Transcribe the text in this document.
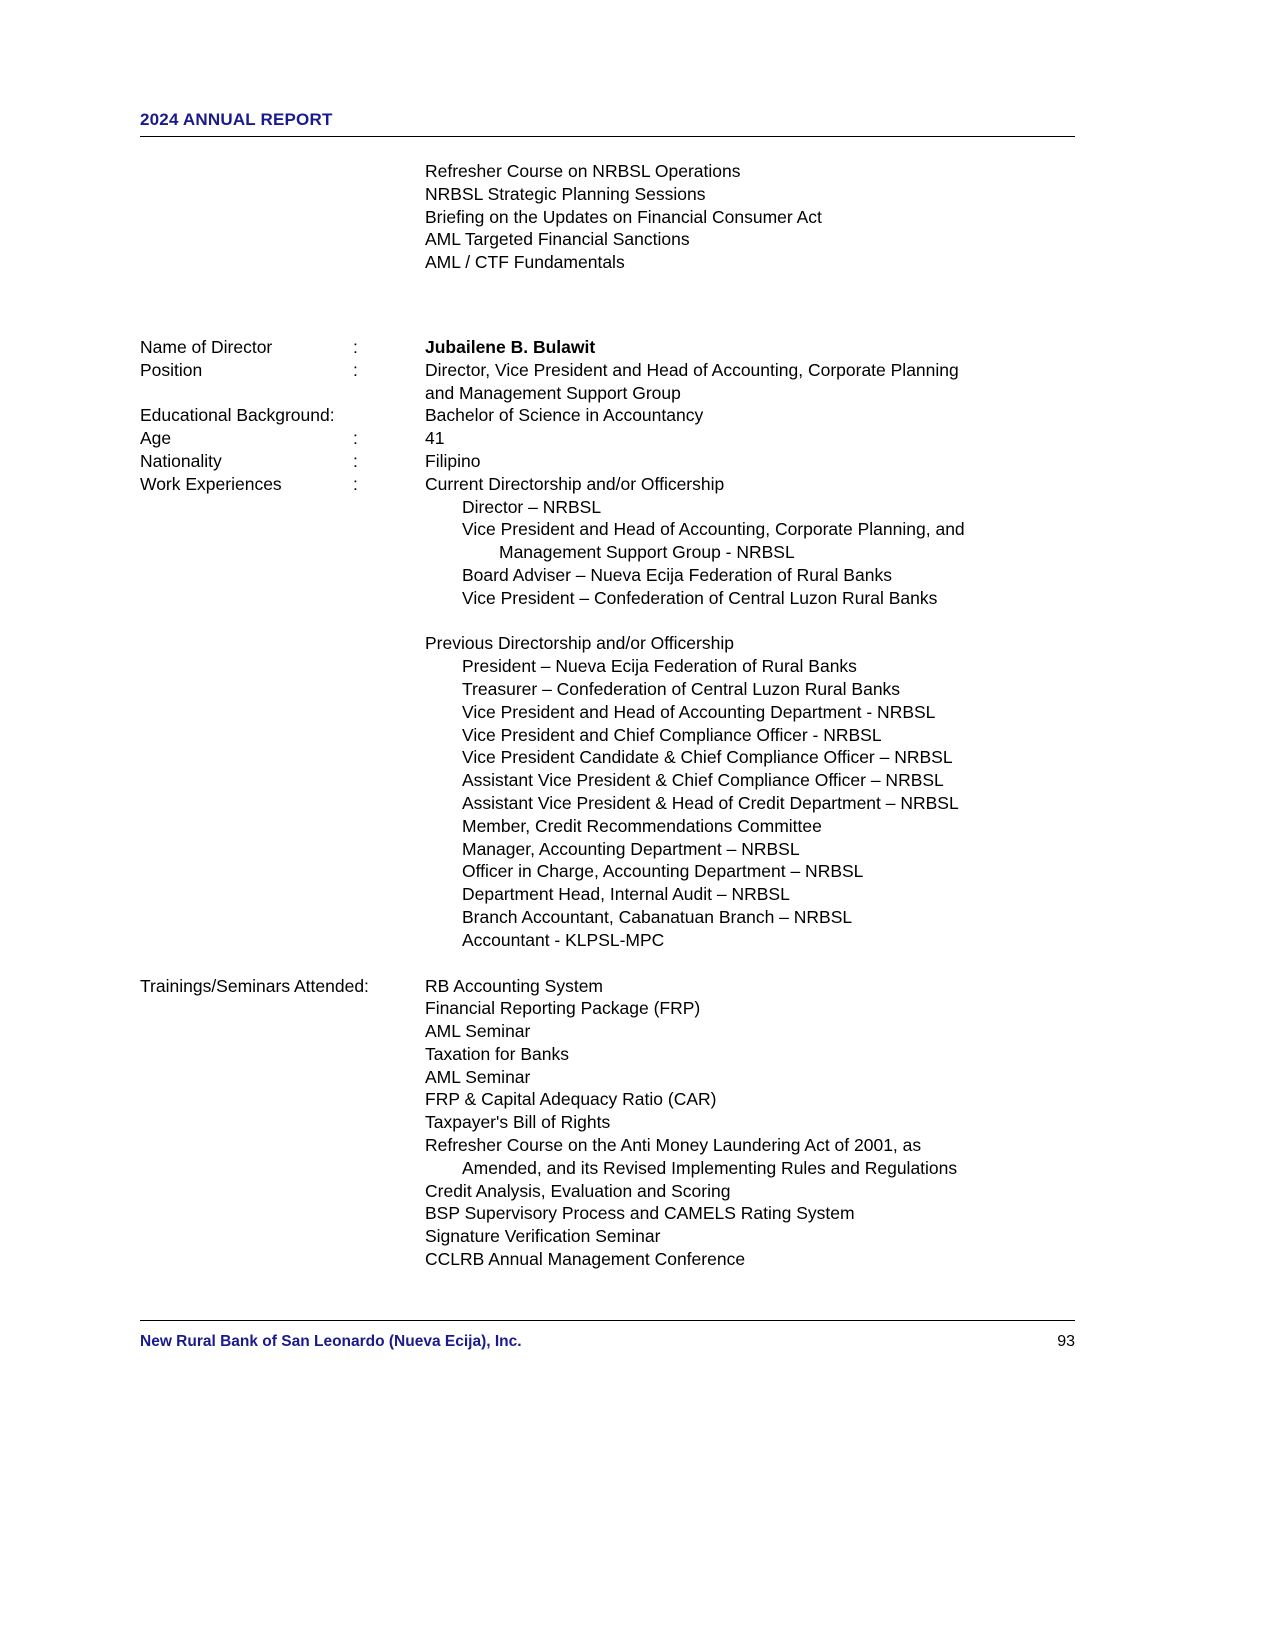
2024 ANNUAL REPORT
Refresher Course on NRBSL Operations
NRBSL Strategic Planning Sessions
Briefing on the Updates on Financial Consumer Act
AML Targeted Financial Sanctions
AML / CTF Fundamentals
Name of Director	:	Jubailene B. Bulawit
Position	:	Director, Vice President and Head of Accounting, Corporate Planning
and Management Support Group
Educational Background:	Bachelor of Science in Accountancy
Age	:	41
Nationality	:	Filipino
Work Experiences	:	Current Directorship and/or Officership
Director – NRBSL
Vice President and Head of Accounting, Corporate Planning, and
Management Support Group - NRBSL
Board Adviser – Nueva Ecija Federation of Rural Banks
Vice President – Confederation of Central Luzon Rural Banks
Previous Directorship and/or Officership
President – Nueva Ecija Federation of Rural Banks
Treasurer – Confederation of Central Luzon Rural Banks
Vice President and Head of Accounting Department - NRBSL
Vice President and Chief Compliance Officer - NRBSL
Vice President Candidate & Chief Compliance Officer – NRBSL
Assistant Vice President & Chief Compliance Officer – NRBSL
Assistant Vice President & Head of Credit Department – NRBSL
Member, Credit Recommendations Committee
Manager, Accounting Department – NRBSL
Officer in Charge, Accounting Department – NRBSL
Department Head, Internal Audit – NRBSL
Branch Accountant, Cabanatuan Branch – NRBSL
Accountant - KLPSL-MPC
Trainings/Seminars Attended:	RB Accounting System
Financial Reporting Package (FRP)
AML Seminar
Taxation for Banks
AML Seminar
FRP & Capital Adequacy Ratio (CAR)
Taxpayer's Bill of Rights
Refresher Course on the Anti Money Laundering Act of 2001, as
Amended, and its Revised Implementing Rules and Regulations
Credit Analysis, Evaluation and Scoring
BSP Supervisory Process and CAMELS Rating System
Signature Verification Seminar
CCLRB Annual Management Conference
New Rural Bank of San Leonardo (Nueva Ecija), Inc.	93
